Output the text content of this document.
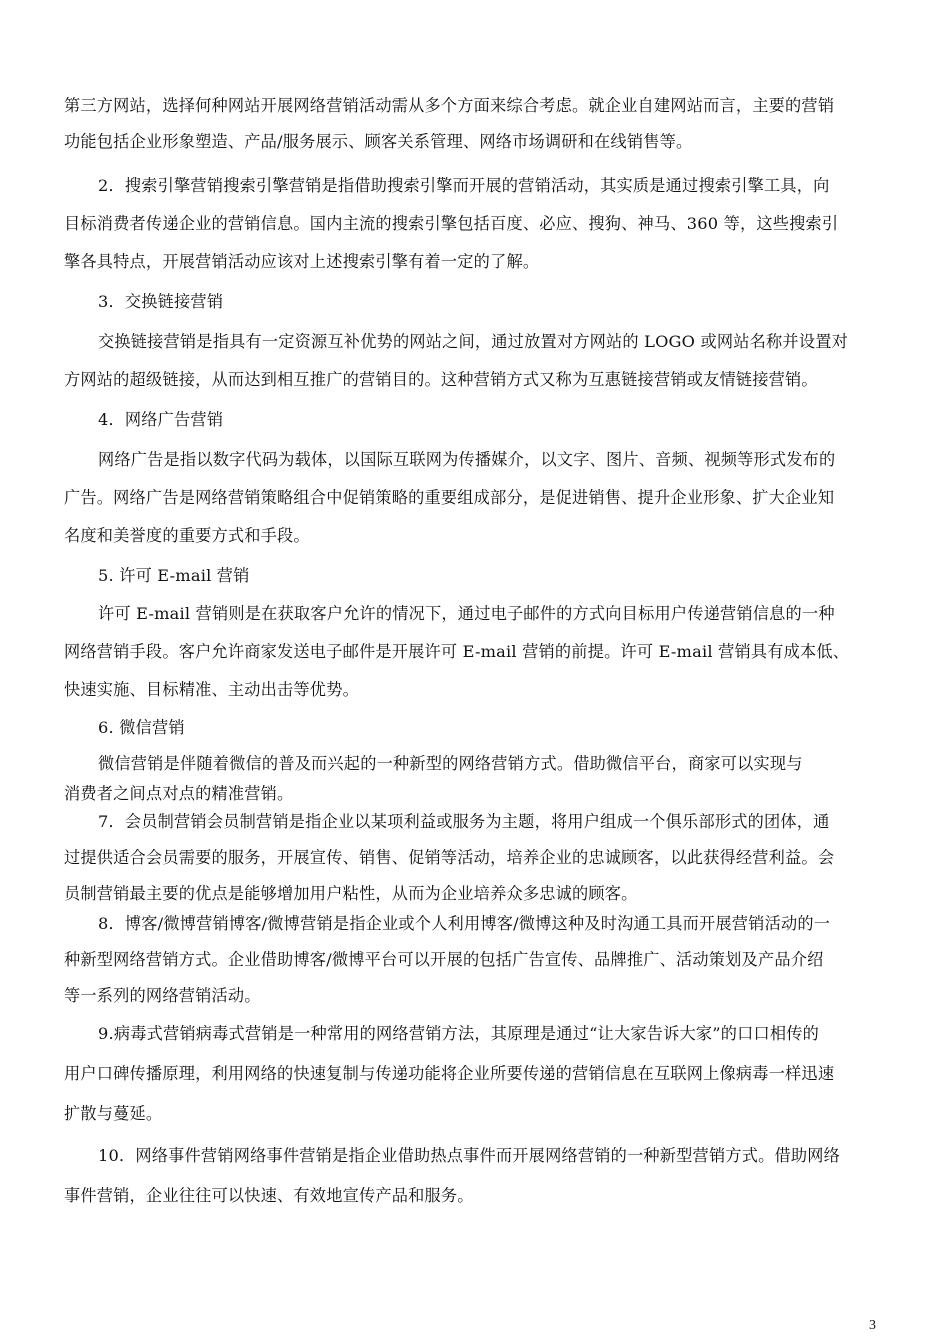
第三方网站，选择何种网站开展网络营销活动需从多个方面来综合考虑。就企业自建网站而言，主要的营销
功能包括企业形象塑造、产品/服务展示、顾客关系管理、网络市场调研和在线销售等。
2．搜索引擎营销搜索引擎营销是指借助搜索引擎而开展的营销活动，其实质是通过搜索引擎工具，向
目标消费者传递企业的营销信息。国内主流的搜索引擎包括百度、必应、搜狗、神马、360 等，这些搜索引
擎各具特点，开展营销活动应该对上述搜索引擎有着一定的了解。
3．交换链接营销
交换链接营销是指具有一定资源互补优势的网站之间，通过放置对方网站的 LOGO 或网站名称并设置对
方网站的超级链接，从而达到相互推广的营销目的。这种营销方式又称为互惠链接营销或友情链接营销。
4．网络广告营销
网络广告是指以数字代码为载体，以国际互联网为传播媒介，以文字、图片、音频、视频等形式发布的
广告。网络广告是网络营销策略组合中促销策略的重要组成部分，是促进销售、提升企业形象、扩大企业知
名度和美誉度的重要方式和手段。
5. 许可 E-mail 营销
许可 E-mail 营销则是在获取客户允许的情况下，通过电子邮件的方式向目标用户传递营销信息的一种
网络营销手段。客户允许商家发送电子邮件是开展许可 E-mail 营销的前提。许可 E-mail 营销具有成本低、
快速实施、目标精准、主动出击等优势。
6. 微信营销
微信营销是伴随着微信的普及而兴起的一种新型的网络营销方式。借助微信平台，商家可以实现与
消费者之间点对点的精准营销。
7．会员制营销会员制营销是指企业以某项利益或服务为主题，将用户组成一个俱乐部形式的团体，通
过提供适合会员需要的服务，开展宣传、销售、促销等活动，培养企业的忠诚顾客，以此获得经营利益。会
员制营销最主要的优点是能够增加用户粘性，从而为企业培养众多忠诚的顾客。
8．博客/微博营销博客/微博营销是指企业或个人利用博客/微博这种及时沟通工具而开展营销活动的一
种新型网络营销方式。企业借助博客/微博平台可以开展的包括广告宣传、品牌推广、活动策划及产品介绍
等一系列的网络营销活动。
9.病毒式营销病毒式营销是一种常用的网络营销方法，其原理是通过“让大家告诉大家”的口口相传的
用户口碑传播原理，利用网络的快速复制与传递功能将企业所要传递的营销信息在互联网上像病毒一样迅速
扩散与蔓延。
10．网络事件营销网络事件营销是指企业借助热点事件而开展网络营销的一种新型营销方式。借助网络
事件营销，企业往往可以快速、有效地宣传产品和服务。
3
